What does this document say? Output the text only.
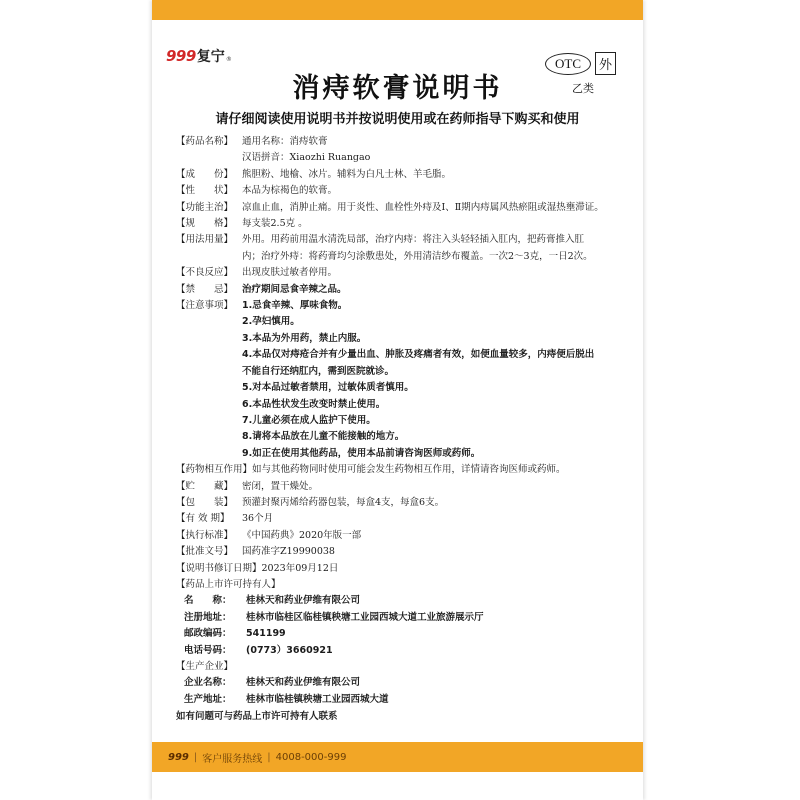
999 复宁 ®
消痔软膏说明书
OTC	外
乙类
请仔细阅读使用说明书并按说明使用或在药师指导下购买和使用
【药品名称】 通用名称：消痔软膏
汉语拼音：Xiaozhi Ruangao
【成　　份】 熊胆粉、地榆、冰片。辅料为白凡士林、羊毛脂。
【性　　状】 本品为棕褐色的软膏。
【功能主治】 凉血止血，消肿止痛。用于炎性、血栓性外痔及Ⅰ、Ⅱ期内痔属风热瘀阻或湿热壅滞证。
【规　　格】 每支装2.5克 。
【用法用量】 外用。用药前用温水清洗局部，治疗内痔：将注入头轻轻插入肛内，把药膏推入肛
内；治疗外痔：将药膏均匀涂敷患处，外用清洁纱布覆盖。一次2～3克，一日2次。
【不良反应】 出现皮肤过敏者停用。
【禁　　忌】 治疗期间忌食辛辣之品。
【注意事项】 1.忌食辛辣、厚味食物。
2.孕妇慎用。
3.本品为外用药，禁止内服。
4.本品仅对痔疮合并有少量出血、肿胀及疼痛者有效，如便血量较多，内痔便后脱出
不能自行还纳肛内，需到医院就诊。
5.对本品过敏者禁用，过敏体质者慎用。
6.本品性状发生改变时禁止使用。
7.儿童必须在成人监护下使用。
8.请将本品放在儿童不能接触的地方。
9.如正在使用其他药品，使用本品前请咨询医师或药师。
【药物相互作用】 如与其他药物同时使用可能会发生药物相互作用，详情请咨询医师或药师。
【贮　　藏】 密闭，置干燥处。
【包　　装】 预灌封聚丙烯给药器包装，每盒4支，每盒6支。
【有 效 期】	36个月
【执行标准】 《中国药典》2020年版一部
【批准文号】 国药准字Z19990038
【说明书修订日期】 2023年09月12日
【药品上市许可持有人】
名　　称：	桂林天和药业伊维有限公司
注册地址：	桂林市临桂区临桂镇秧塘工业园西城大道工业旅游展示厅
邮政编码：	541199
电话号码：	(0773）3660921
【生产企业】
企业名称：	桂林天和药业伊维有限公司
生产地址：	桂林市临桂镇秧塘工业园西城大道
如有问题可与药品上市许可持有人联系
999 | 客户服务热线 | 4008-000-999
